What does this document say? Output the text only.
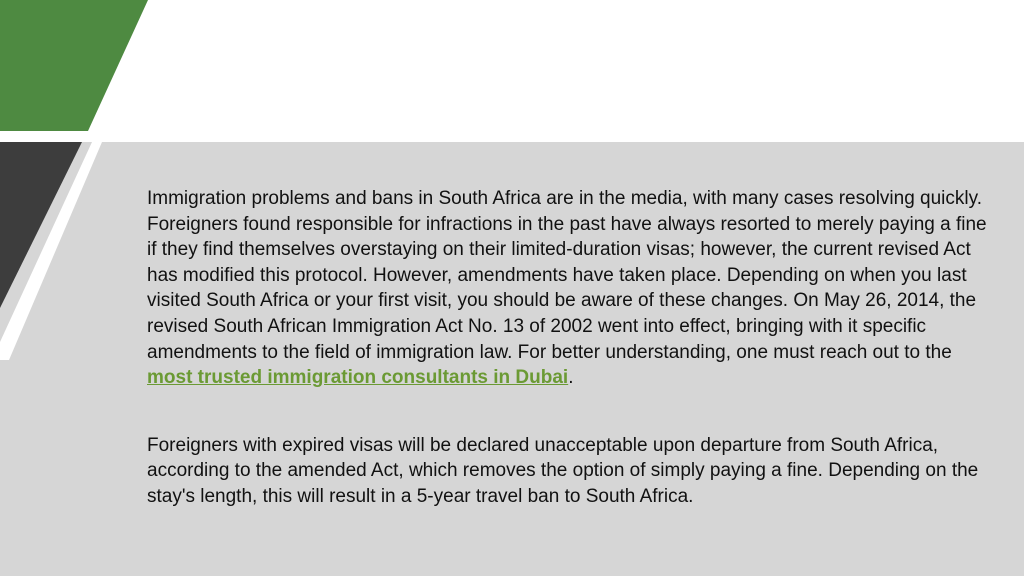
Immigration problems and bans in South Africa are in the media, with many cases resolving quickly. Foreigners found responsible for infractions in the past have always resorted to merely paying a fine if they find themselves overstaying on their limited-duration visas; however, the current revised Act has modified this protocol. However, amendments have taken place. Depending on when you last visited South Africa or your first visit, you should be aware of these changes. On May 26, 2014, the revised South African Immigration Act No. 13 of 2002 went into effect, bringing with it specific amendments to the field of immigration law. For better understanding, one must reach out to the most trusted immigration consultants in Dubai.

Foreigners with expired visas will be declared unacceptable upon departure from South Africa, according to the amended Act, which removes the option of simply paying a fine. Depending on the stay's length, this will result in a 5-year travel ban to South Africa.
